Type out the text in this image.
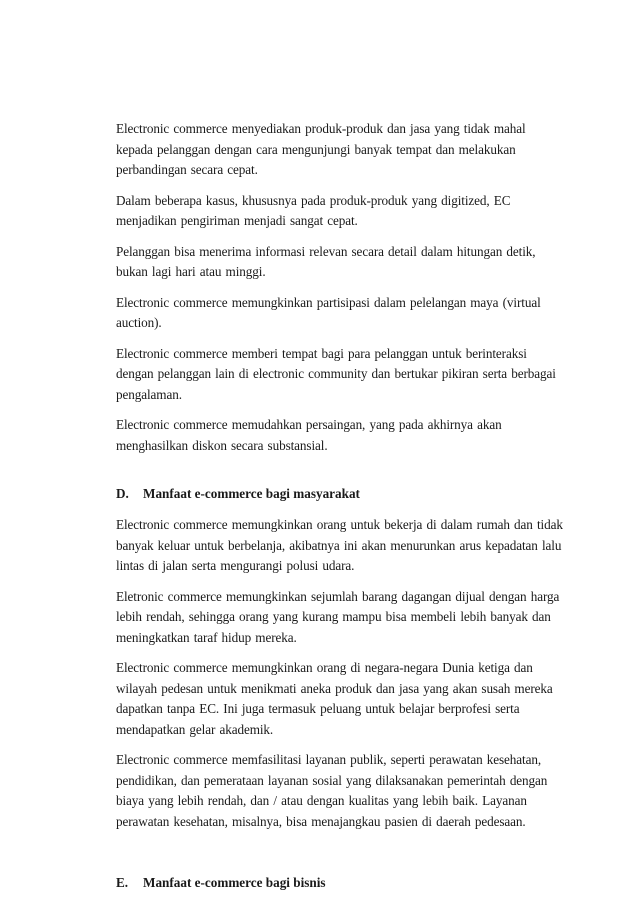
Electronic commerce menyediakan produk-produk dan jasa yang tidak mahal kepada pelanggan dengan cara mengunjungi banyak tempat dan melakukan perbandingan secara cepat.

Dalam beberapa kasus, khususnya pada produk-produk yang digitized, EC menjadikan pengiriman menjadi sangat cepat.

Pelanggan bisa menerima informasi relevan secara detail dalam hitungan detik, bukan lagi hari atau minggi.

Electronic commerce memungkinkan partisipasi dalam pelelangan maya (virtual auction).

Electronic commerce memberi tempat bagi para pelanggan untuk berinteraksi dengan pelanggan lain di electronic community dan bertukar pikiran serta berbagai pengalaman.

Electronic commerce memudahkan persaingan, yang pada akhirnya akan menghasilkan diskon secara substansial.

D.	Manfaat e-commerce bagi masyarakat

Electronic commerce memungkinkan orang untuk bekerja di dalam rumah dan tidak banyak keluar untuk berbelanja, akibatnya ini akan menurunkan arus kepadatan lalu lintas di jalan serta mengurangi polusi udara.

Eletronic commerce memungkinkan sejumlah barang dagangan dijual dengan harga lebih rendah, sehingga orang yang kurang mampu bisa membeli lebih banyak dan meningkatkan taraf hidup mereka.

Electronic commerce memungkinkan orang di negara-negara Dunia ketiga dan wilayah pedesan untuk menikmati aneka produk dan jasa yang akan susah mereka dapatkan tanpa EC. Ini juga termasuk peluang untuk belajar berprofesi serta mendapatkan gelar akademik.

Electronic commerce memfasilitasi layanan publik, seperti perawatan kesehatan, pendidikan, dan pemerataan layanan sosial yang dilaksanakan pemerintah dengan biaya yang lebih rendah, dan / atau dengan kualitas yang lebih baik. Layanan perawatan kesehatan, misalnya, bisa menajangkau pasien di daerah pedesaan.

E.	Manfaat e-commerce bagi bisnis
